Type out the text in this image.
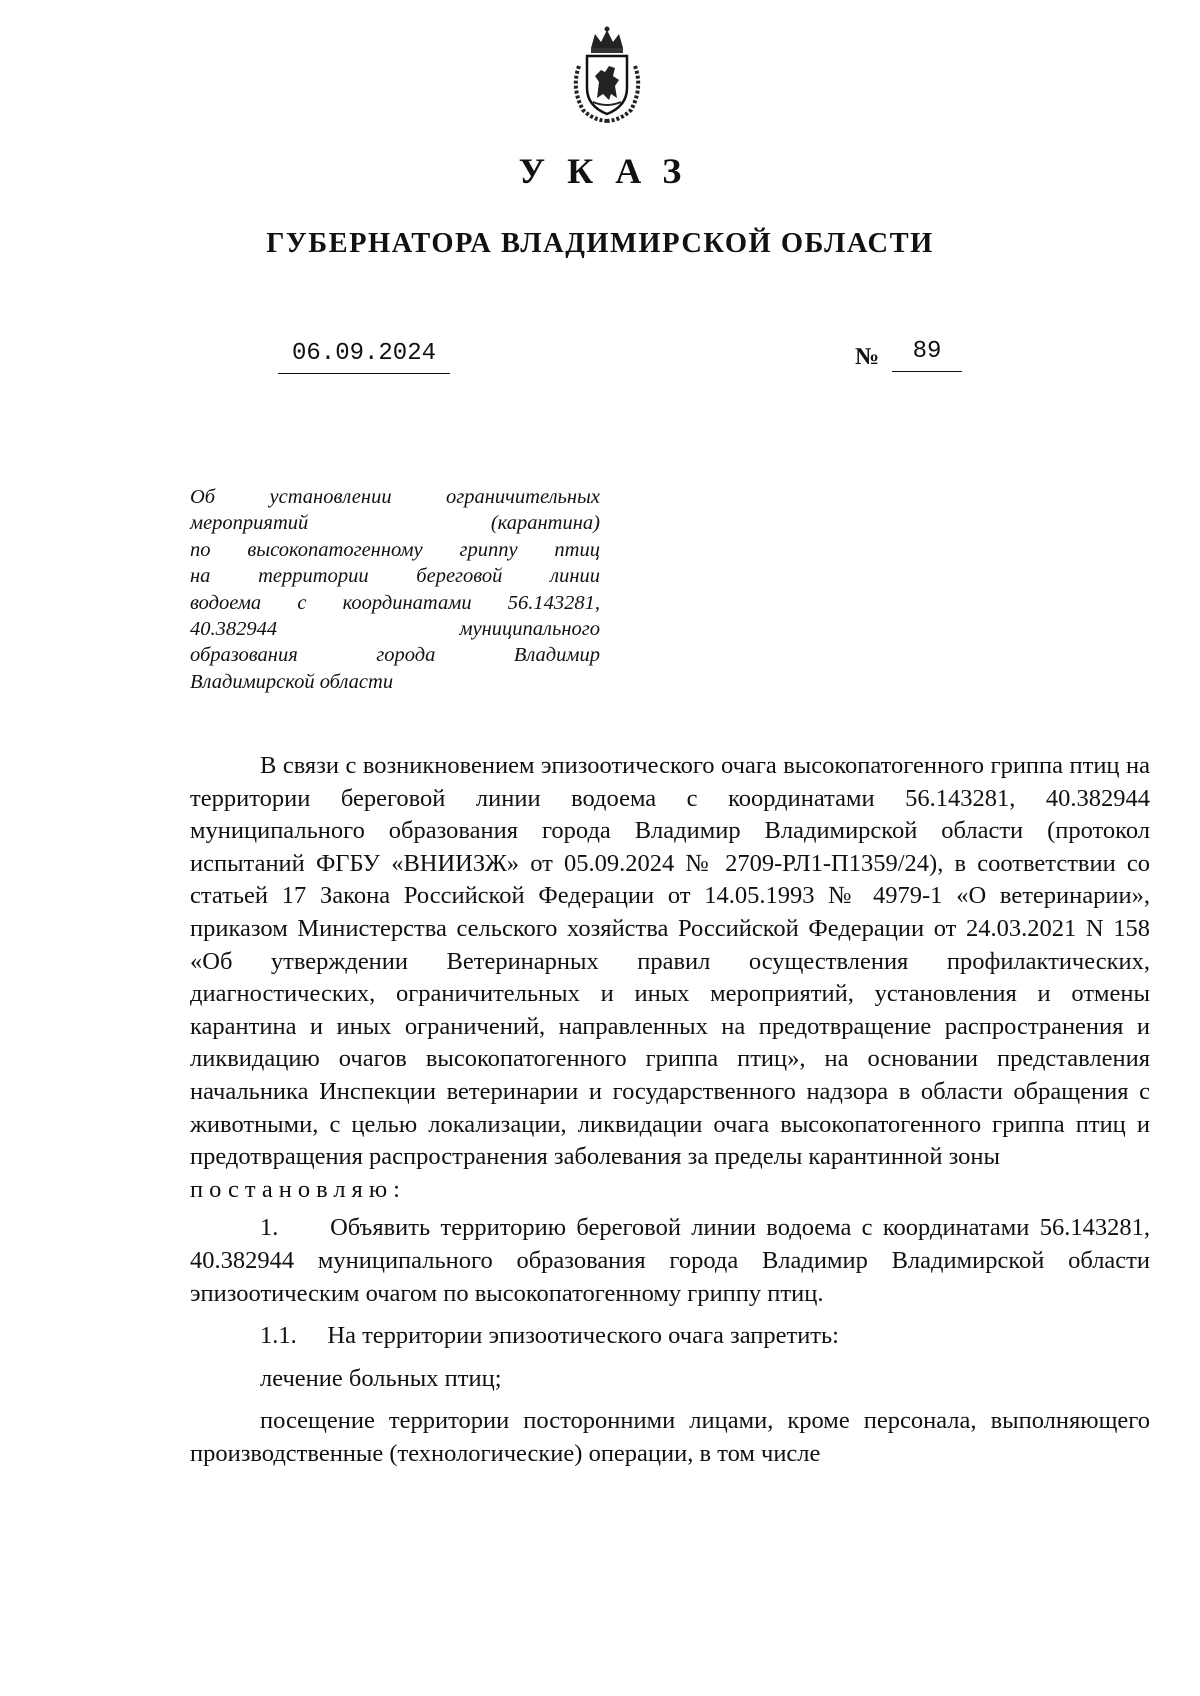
УКАЗ
ГУБЕРНАТОРА ВЛАДИМИРСКОЙ ОБЛАСТИ
06.09.2024	№	89
Об установлении ограничительных
мероприятий (карантина)
по высокопатогенному гриппу птиц
на территории береговой линии
водоема с координатами 56.143281,
40.382944 муниципального
образования города Владимир
Владимирской области

В связи с возникновением эпизоотического очага высокопатогенного гриппа птиц на территории береговой линии водоема с координатами 56.143281, 40.382944 муниципального образования города Владимир Владимирской области (протокол испытаний ФГБУ «ВНИИЗЖ» от 05.09.2024 № 2709-РЛ1-П1359/24), в соответствии со статьей 17 Закона Российской Федерации от 14.05.1993 № 4979-1 «О ветеринарии», приказом Министерства сельского хозяйства Российской Федерации от 24.03.2021 N 158 «Об утверждении Ветеринарных правил осуществления профилактических, диагностических, ограничительных и иных мероприятий, установления и отмены карантина и иных ограничений, направленных на предотвращение распространения и ликвидацию очагов высокопатогенного гриппа птиц», на основании представления начальника Инспекции ветеринарии и государственного надзора в области обращения с животными, с целью локализации, ликвидации очага высокопатогенного гриппа птиц и предотвращения распространения заболевания за пределы карантинной зоны

постановляю:

1. Объявить территорию береговой линии водоема с координатами 56.143281, 40.382944 муниципального образования города Владимир Владимирской области эпизоотическим очагом по высокопатогенному гриппу птиц.

1.1. На территории эпизоотического очага запретить:

лечение больных птиц;

посещение территории посторонними лицами, кроме персонала, выполняющего производственные (технологические) операции, в том числе
